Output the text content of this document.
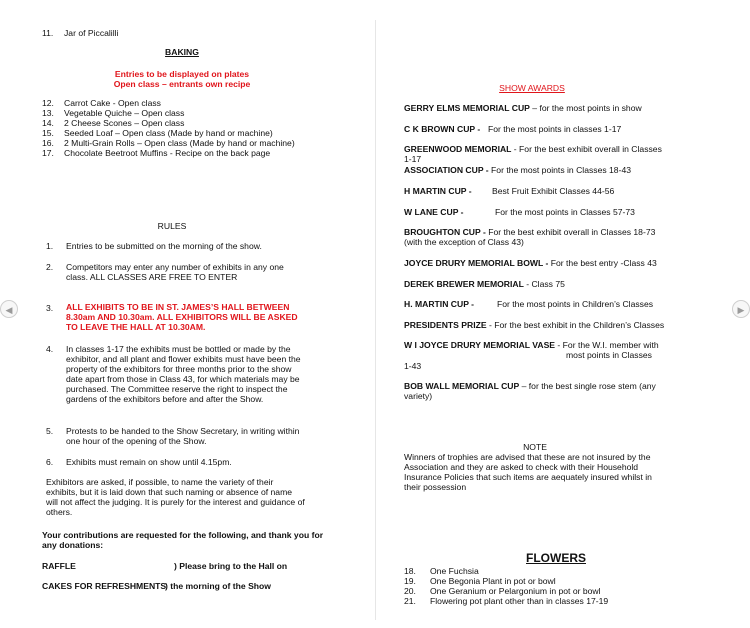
11. Jar of Piccalilli
BAKING
Entries to be displayed on plates
Open class – entrants own recipe
12. Carrot Cake - Open class
13. Vegetable Quiche – Open class
14. 2 Cheese Scones – Open class
15. Seeded Loaf – Open class (Made by hand or machine)
16. 2 Multi-Grain Rolls – Open class (Made by hand or machine)
17. Chocolate Beetroot Muffins - Recipe on the back page
RULES
1. Entries to be submitted on the morning of the show.
2. Competitors may enter any number of exhibits in any one class. ALL CLASSES ARE FREE TO ENTER
3. ALL EXHIBITS TO BE IN ST. JAMES’S HALL BETWEEN 8.30am AND 10.30am. ALL EXHIBITORS WILL BE ASKED TO LEAVE THE HALL AT 10.30AM.
4. In classes 1-17 the exhibits must be bottled or made by the exhibitor, and all plant and flower exhibits must have been the property of the exhibitors for three months prior to the show date apart from those in Class 43, for which materials may be purchased. The Committee reserve the right to inspect the gardens of the exhibitors before and after the Show.
5. Protests to be handed to the Show Secretary, in writing within one hour of the opening of the Show.
6. Exhibits must remain on show until 4.15pm.
Exhibitors are asked, if possible, to name the variety of their exhibits, but it is laid down that such naming or absence of name will not affect the judging. It is purely for the interest and guidance of others.
Your contributions are requested for the following, and thank you for any donations:
RAFFLE	) Please bring to the Hall on
CAKES FOR REFRESHMENTS
) the morning of the Show
SHOW AWARDS
GERRY ELMS MEMORIAL CUP – for the most points in show
C K BROWN CUP - For the most points in classes 1-17
GREENWOOD MEMORIAL - For the best exhibit overall in Classes 1-17
ASSOCIATION CUP - For the most points in Classes 18-43
H MARTIN CUP - Best Fruit Exhibit Classes 44-56
W LANE CUP -	For the most points in Classes 57-73
BROUGHTON CUP - For the best exhibit overall in Classes 18-73 (with the exception of Class 43)
JOYCE DRURY MEMORIAL BOWL - For the best entry -Class 43
DEREK BREWER MEMORIAL - Class 75
H. MARTIN CUP -	For the most points in Children’s Classes
PRESIDENTS PRIZE - For the best exhibit in the Children’s Classes
W I JOYCE DRURY MEMORIAL VASE - For the W.I. member with
most points in Classes
1-43
BOB WALL MEMORIAL CUP – for the best single rose stem (any variety)
NOTE
Winners of trophies are advised that these are not insured by the Association and they are asked to check with their Household Insurance Policies that such items are aequately insured whilst in their possession
FLOWERS
18. One Fuchsia
19. One Begonia Plant in pot or bowl
20. One Geranium or Pelargonium in pot or bowl
21. Flowering pot plant other than in classes 17-19
◀	▶
